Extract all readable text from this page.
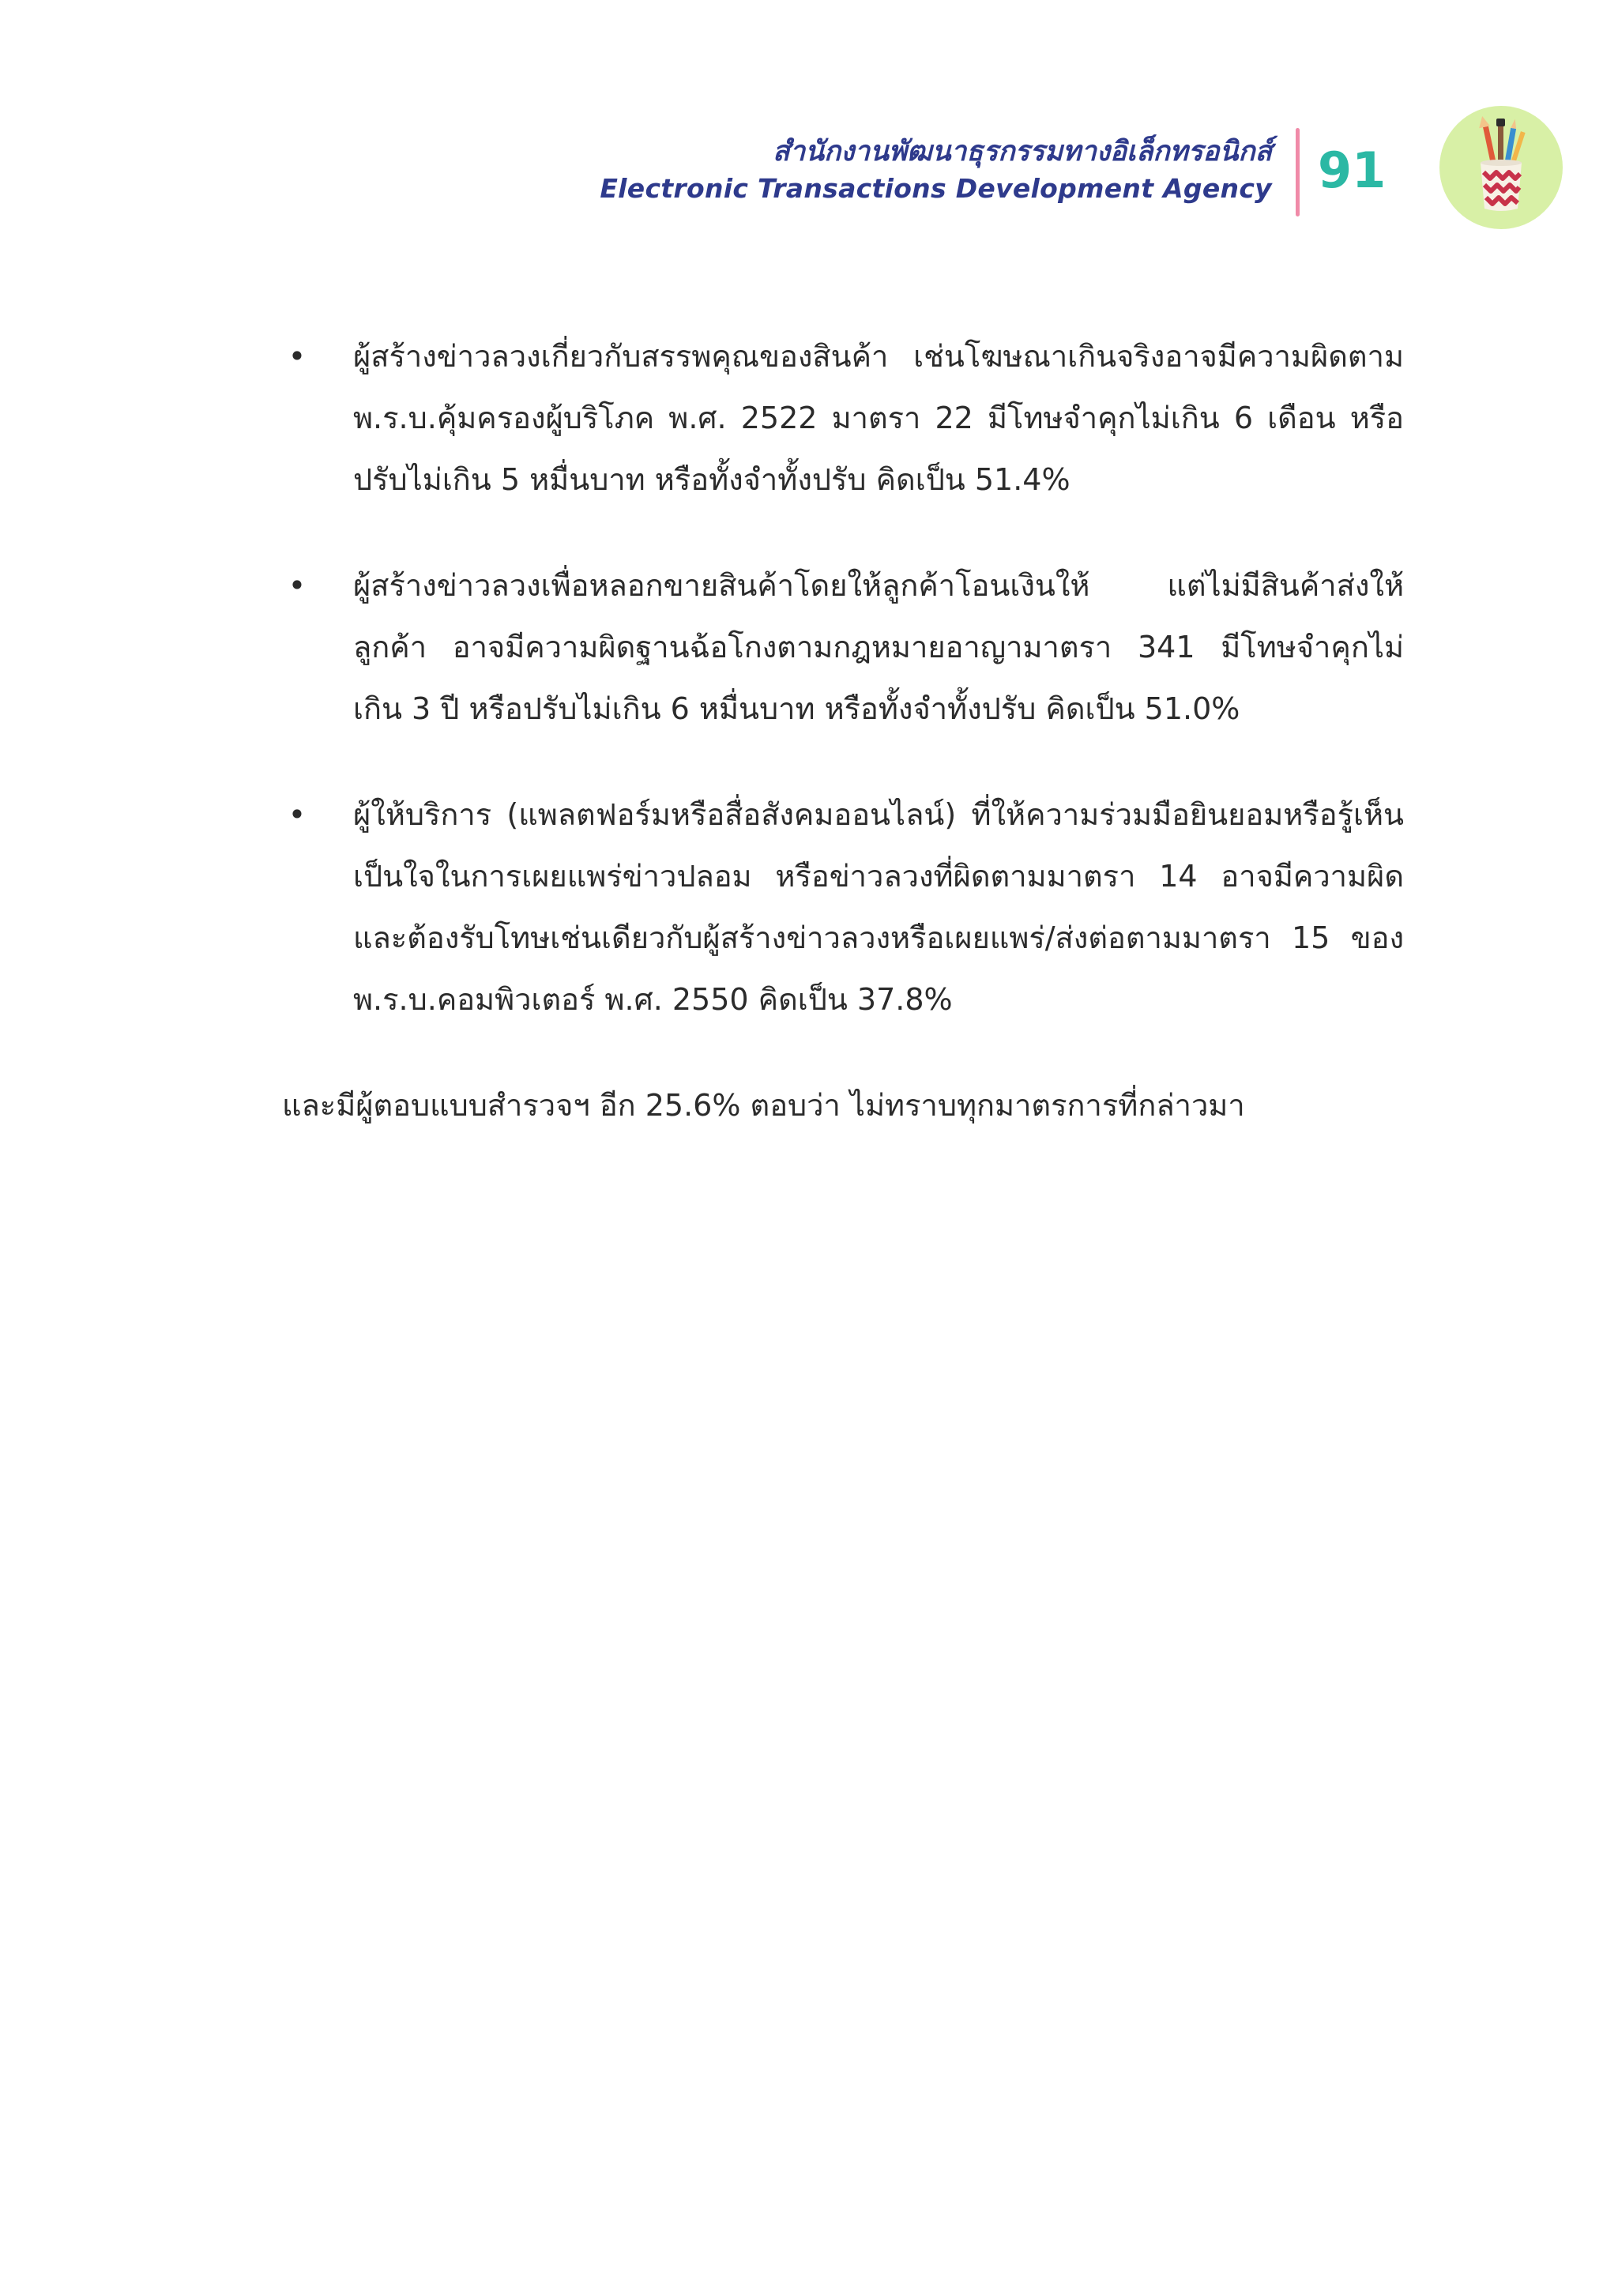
สำนักงานพัฒนาธุรกรรมทางอิเล็กทรอนิกส์
Electronic Transactions Development Agency 91
• ผู้สร้างข่าวลวงเกี่ยวกับสรรพคุณของสินค้า เช่นโฆษณาเกินจริงอาจมีความผิดตาม พ.ร.บ.คุ้มครองผู้บริโภค พ.ศ. 2522 มาตรา 22 มีโทษจำคุกไม่เกิน 6 เดือน หรือปรับไม่เกิน 5 หมื่นบาท หรือทั้งจำทั้งปรับ คิดเป็น 51.4%
• ผู้สร้างข่าวลวงเพื่อหลอกขายสินค้าโดยให้ลูกค้าโอนเงินให้ แต่ไม่มีสินค้าส่งให้ลูกค้า อาจมีความผิดฐานฉ้อโกงตามกฎหมายอาญามาตรา 341 มีโทษจำคุกไม่เกิน 3 ปี หรือปรับไม่เกิน 6 หมื่นบาท หรือทั้งจำทั้งปรับ คิดเป็น 51.0%
• ผู้ให้บริการ (แพลตฟอร์มหรือสื่อสังคมออนไลน์) ที่ให้ความร่วมมือยินยอมหรือรู้เห็นเป็นใจในการเผยแพร่ข่าวปลอม หรือข่าวลวงที่ผิดตามมาตรา 14 อาจมีความผิดและต้องรับโทษเช่นเดียวกับผู้สร้างข่าวลวงหรือเผยแพร่/ส่งต่อตามมาตรา 15 ของ พ.ร.บ.คอมพิวเตอร์ พ.ศ. 2550 คิดเป็น 37.8%
และมีผู้ตอบแบบสำรวจฯ อีก 25.6% ตอบว่า ไม่ทราบทุกมาตรการที่กล่าวมา
